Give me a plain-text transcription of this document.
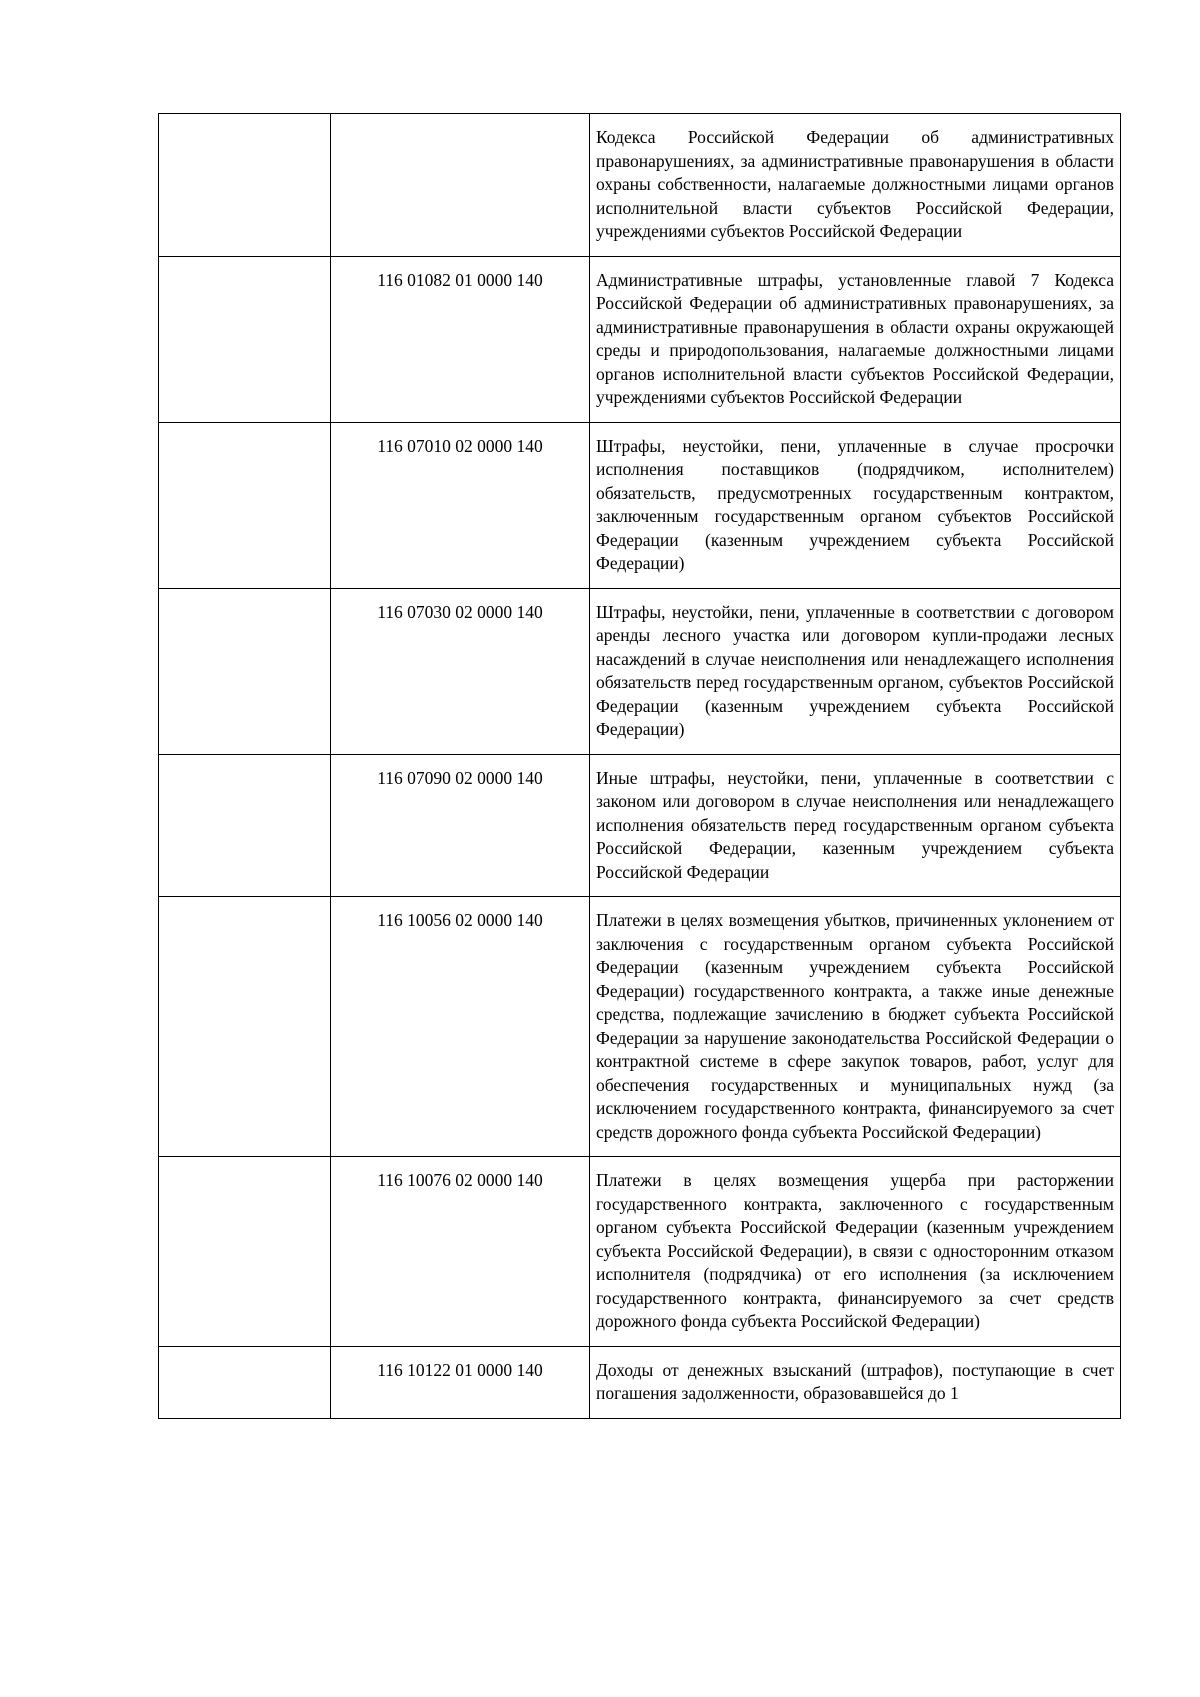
		Кодекса Российской Федерации об административных правонарушениях, за административные правонарушения в области охраны собственности, налагаемые должностными лицами органов исполнительной власти субъектов Российской Федерации, учреждениями субъектов Российской Федерации
	116 01082 01 0000 140	Административные штрафы, установленные главой 7 Кодекса Российской Федерации об административных правонарушениях, за административные правонарушения в области охраны окружающей среды и природопользования, налагаемые должностными лицами органов исполнительной власти субъектов Российской Федерации, учреждениями субъектов Российской Федерации
	116 07010 02 0000 140	Штрафы, неустойки, пени, уплаченные в случае просрочки исполнения поставщиков (подрядчиком, исполнителем) обязательств, предусмотренных государственным контрактом, заключенным государственным органом субъектов Российской Федерации (казенным учреждением субъекта Российской Федерации)
	116 07030 02 0000 140	Штрафы, неустойки, пени, уплаченные в соответствии с договором аренды лесного участка или договором купли-продажи лесных насаждений в случае неисполнения или ненадлежащего исполнения обязательств перед государственным органом, субъектов Российской Федерации (казенным учреждением субъекта Российской Федерации)
	116 07090 02 0000 140	Иные штрафы, неустойки, пени, уплаченные в соответствии с законом или договором в случае неисполнения или ненадлежащего исполнения обязательств перед государственным органом субъекта Российской Федерации, казенным учреждением субъекта Российской Федерации
	116 10056 02 0000 140	Платежи в целях возмещения убытков, причиненных уклонением от заключения с государственным органом субъекта Российской Федерации (казенным учреждением субъекта Российской Федерации) государственного контракта, а также иные денежные средства, подлежащие зачислению в бюджет субъекта Российской Федерации за нарушение законодательства Российской Федерации о контрактной системе в сфере закупок товаров, работ, услуг для обеспечения государственных и муниципальных нужд (за исключением государственного контракта, финансируемого за счет средств дорожного фонда субъекта Российской Федерации)
	116 10076 02 0000 140	Платежи в целях возмещения ущерба при расторжении государственного контракта, заключенного с государственным органом субъекта Российской Федерации (казенным учреждением субъекта Российской Федерации), в связи с односторонним отказом исполнителя (подрядчика) от его исполнения (за исключением государственного контракта, финансируемого за счет средств дорожного фонда субъекта Российской Федерации)
	116 10122 01 0000 140	Доходы от денежных взысканий (штрафов), поступающие в счет погашения задолженности, образовавшейся до 1
